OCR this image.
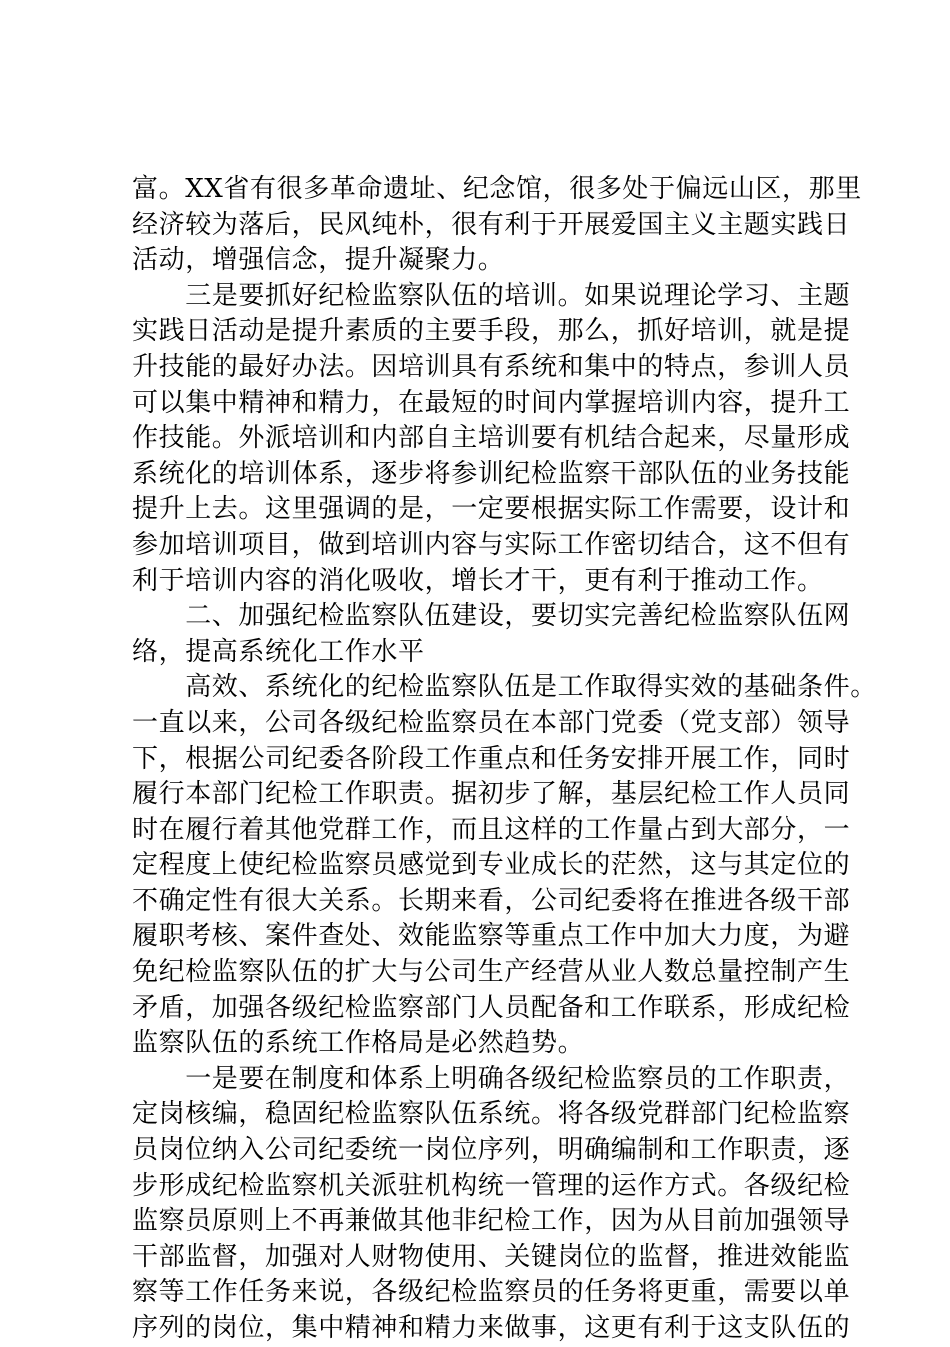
富。XX省有很多革命遗址、纪念馆，很多处于偏远山区，那里
经济较为落后，民风纯朴，很有利于开展爱国主义主题实践日
活动，增强信念，提升凝聚力。
　　三是要抓好纪检监察队伍的培训。如果说理论学习、主题
实践日活动是提升素质的主要手段，那么，抓好培训，就是提
升技能的最好办法。因培训具有系统和集中的特点，参训人员
可以集中精神和精力，在最短的时间内掌握培训内容，提升工
作技能。外派培训和内部自主培训要有机结合起来，尽量形成
系统化的培训体系，逐步将参训纪检监察干部队伍的业务技能
提升上去。这里强调的是，一定要根据实际工作需要，设计和
参加培训项目，做到培训内容与实际工作密切结合，这不但有
利于培训内容的消化吸收，增长才干，更有利于推动工作。
　　二、加强纪检监察队伍建设，要切实完善纪检监察队伍网
络，提高系统化工作水平
　　高效、系统化的纪检监察队伍是工作取得实效的基础条件。
一直以来，公司各级纪检监察员在本部门党委（党支部）领导
下，根据公司纪委各阶段工作重点和任务安排开展工作，同时
履行本部门纪检工作职责。据初步了解，基层纪检工作人员同
时在履行着其他党群工作，而且这样的工作量占到大部分，一
定程度上使纪检监察员感觉到专业成长的茫然，这与其定位的
不确定性有很大关系。长期来看，公司纪委将在推进各级干部
履职考核、案件查处、效能监察等重点工作中加大力度，为避
免纪检监察队伍的扩大与公司生产经营从业人数总量控制产生
矛盾，加强各级纪检监察部门人员配备和工作联系，形成纪检
监察队伍的系统工作格局是必然趋势。
　　一是要在制度和体系上明确各级纪检监察员的工作职责，
定岗核编，稳固纪检监察队伍系统。将各级党群部门纪检监察
员岗位纳入公司纪委统一岗位序列，明确编制和工作职责，逐
步形成纪检监察机关派驻机构统一管理的运作方式。各级纪检
监察员原则上不再兼做其他非纪检工作，因为从目前加强领导
干部监督，加强对人财物使用、关键岗位的监督，推进效能监
察等工作任务来说，各级纪检监察员的任务将更重，需要以单
序列的岗位，集中精神和精力来做事，这更有利于这支队伍的
